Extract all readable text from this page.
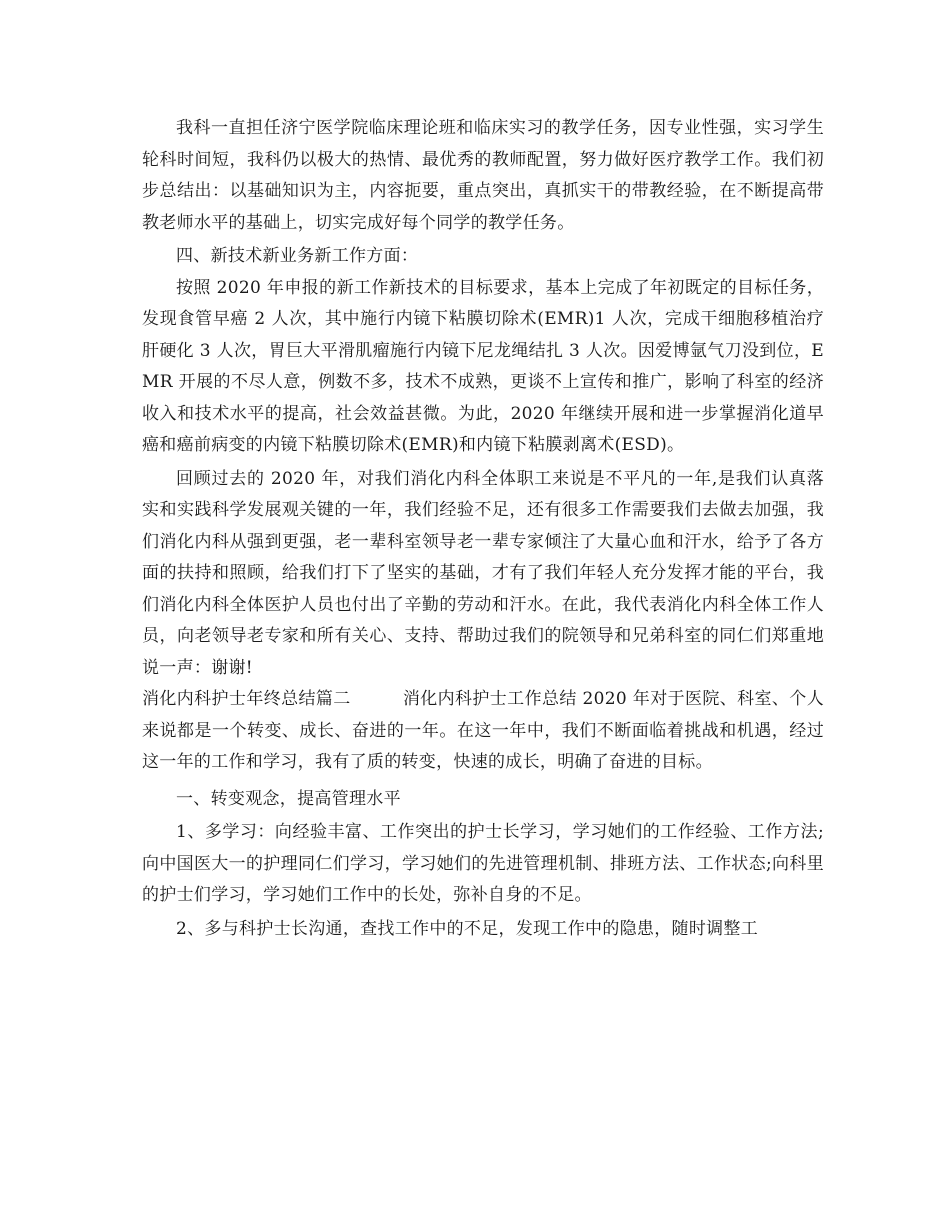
我科一直担任济宁医学院临床理论班和临床实习的教学任务，因专业性强，实习学生轮科时间短，我科仍以极大的热情、最优秀的教师配置，努力做好医疗教学工作。我们初步总结出：以基础知识为主，内容扼要，重点突出，真抓实干的带教经验，在不断提高带教老师水平的基础上，切实完成好每个同学的教学任务。

四、新技术新业务新工作方面：

按照 2020 年申报的新工作新技术的目标要求，基本上完成了年初既定的目标任务，发现食管早癌 2 人次，其中施行内镜下粘膜切除术(EMR)1 人次，完成干细胞移植治疗肝硬化 3 人次，胃巨大平滑肌瘤施行内镜下尼龙绳结扎 3 人次。因爱博氩气刀没到位，EMR 开展的不尽人意，例数不多，技术不成熟，更谈不上宣传和推广，影响了科室的经济收入和技术水平的提高，社会效益甚微。为此，2020 年继续开展和进一步掌握消化道早癌和癌前病变的内镜下粘膜切除术(EMR)和内镜下粘膜剥离术(ESD)。

回顾过去的 2020 年，对我们消化内科全体职工来说是不平凡的一年,是我们认真落实和实践科学发展观关键的一年，我们经验不足，还有很多工作需要我们去做去加强，我们消化内科从强到更强，老一辈科室领导老一辈专家倾注了大量心血和汗水，给予了各方面的扶持和照顾，给我们打下了坚实的基础，才有了我们年轻人充分发挥才能的平台，我们消化内科全体医护人员也付出了辛勤的劳动和汗水。在此，我代表消化内科全体工作人员，向老领导老专家和所有关心、支持、帮助过我们的院领导和兄弟科室的同仁们郑重地说一声：谢谢!

消化内科护士年终总结篇二　　　消化内科护士工作总结 2020 年对于医院、科室、个人来说都是一个转变、成长、奋进的一年。在这一年中，我们不断面临着挑战和机遇，经过这一年的工作和学习，我有了质的转变，快速的成长，明确了奋进的目标。

一、转变观念，提高管理水平

1、多学习：向经验丰富、工作突出的护士长学习，学习她们的工作经验、工作方法;向中国医大一的护理同仁们学习，学习她们的先进管理机制、排班方法、工作状态;向科里的护士们学习，学习她们工作中的长处，弥补自身的不足。

2、多与科护士长沟通，查找工作中的不足，发现工作中的隐患，随时调整工
